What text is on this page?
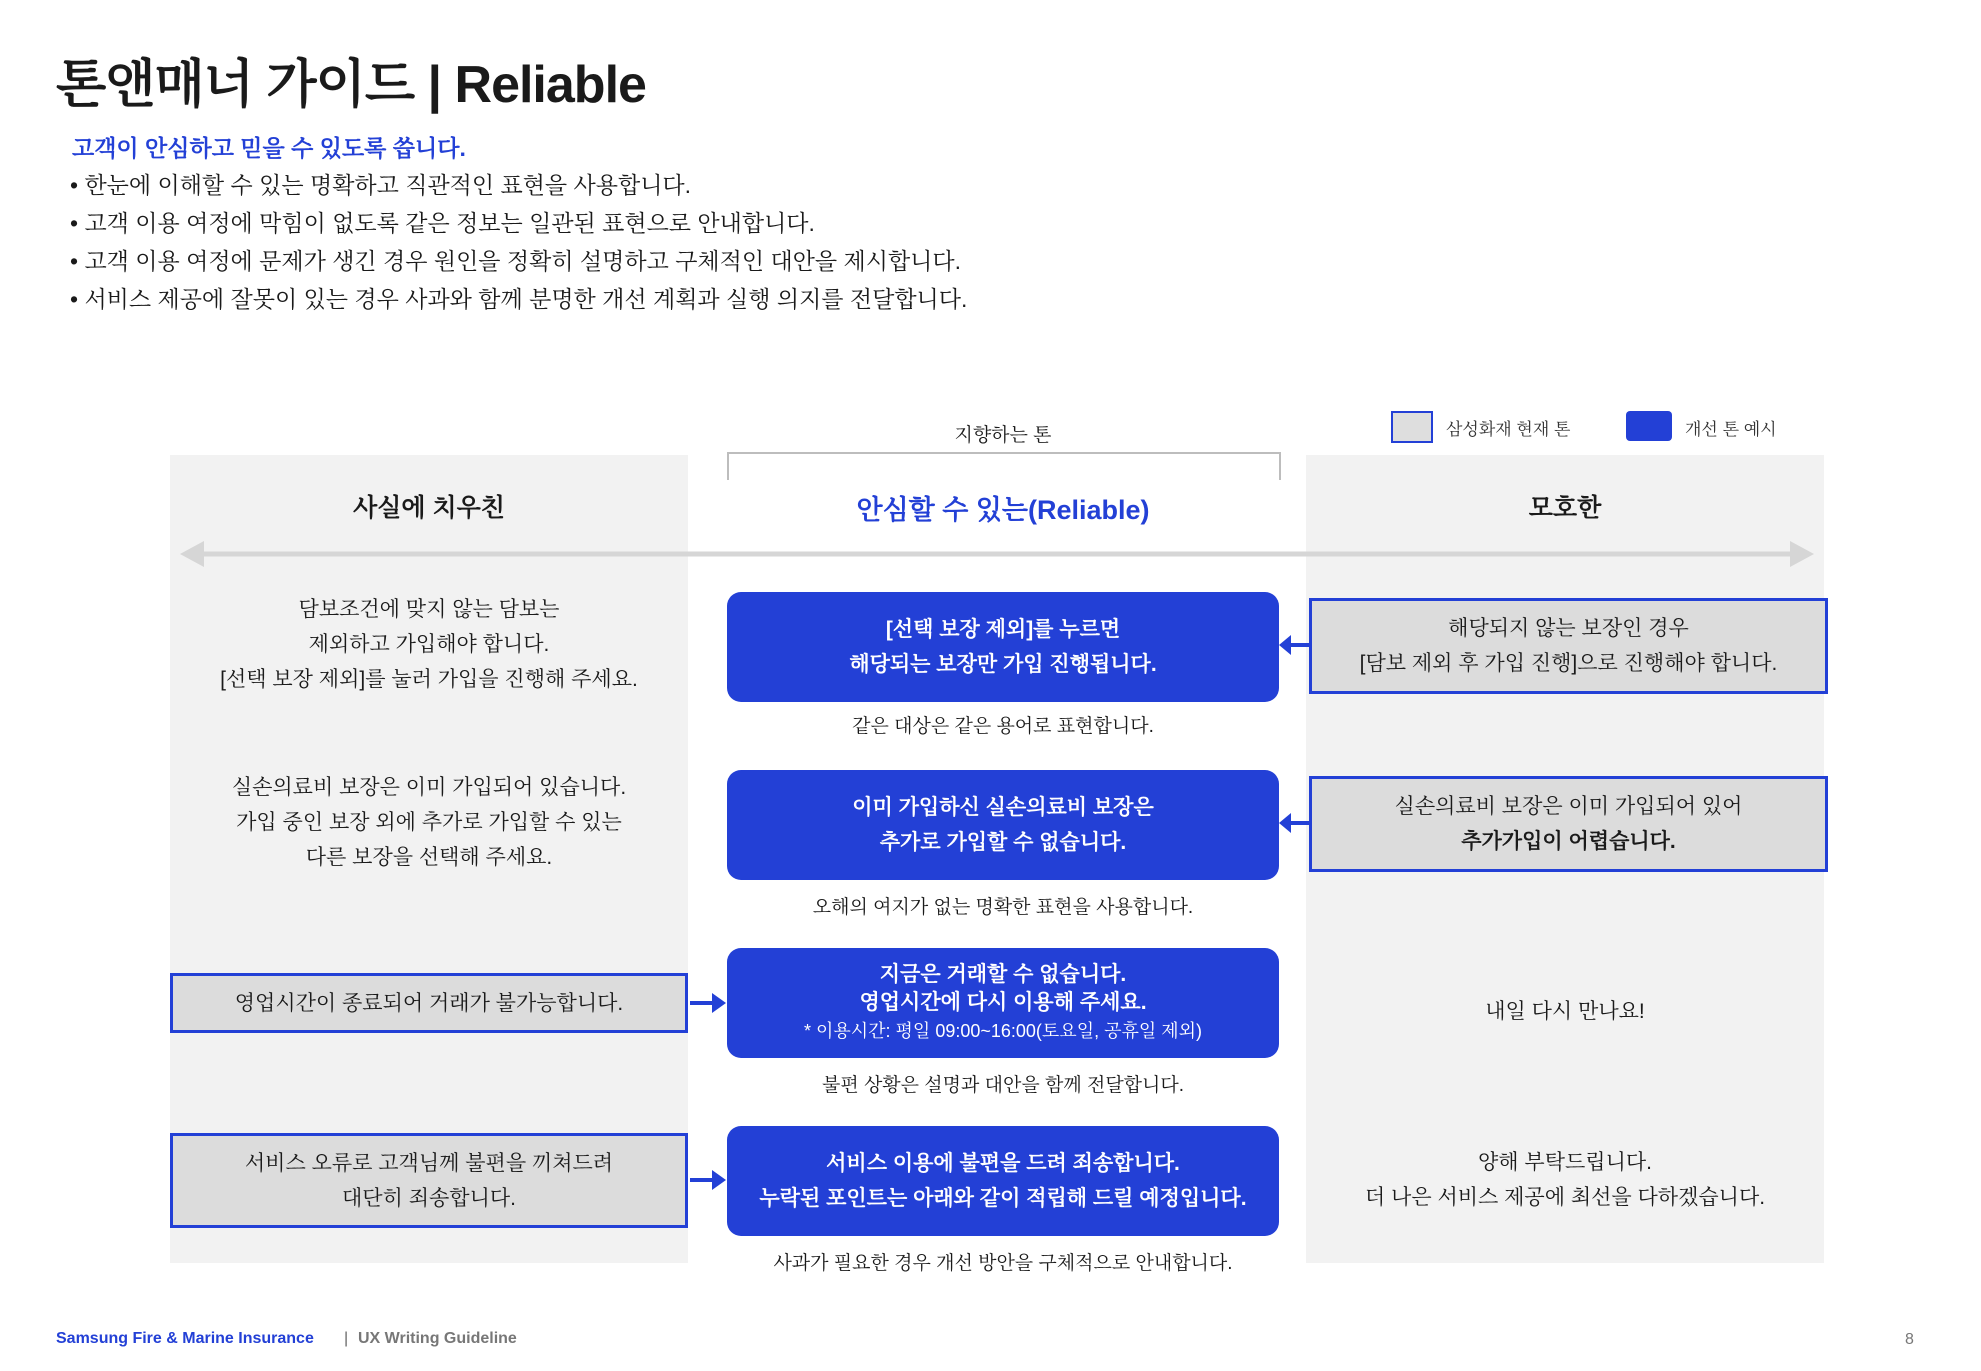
톤앤매너 가이드 | Reliable
고객이 안심하고 믿을 수 있도록 씁니다.
• 한눈에 이해할 수 있는 명확하고 직관적인 표현을 사용합니다.
• 고객 이용 여정에 막힘이 없도록 같은 정보는 일관된 표현으로 안내합니다.
• 고객 이용 여정에 문제가 생긴 경우 원인을 정확히 설명하고 구체적인 대안을 제시합니다.
• 서비스 제공에 잘못이 있는 경우 사과와 함께 분명한 개선 계획과 실행 의지를 전달합니다.
삼성화재 현재 톤	개선 톤 예시
지향하는 톤
사실에 치우친	안심할 수 있는(Reliable)	모호한
담보조건에 맞지 않는 담보는
제외하고 가입해야 합니다.
[선택 보장 제외]를 눌러 가입을 진행해 주세요.
[선택 보장 제외]를 누르면
해당되는 보장만 가입 진행됩니다.
해당되지 않는 보장인 경우
[담보 제외 후 가입 진행]으로 진행해야 합니다.
같은 대상은 같은 용어로 표현합니다.
실손의료비 보장은 이미 가입되어 있습니다.
가입 중인 보장 외에 추가로 가입할 수 있는
다른 보장을 선택해 주세요.
이미 가입하신 실손의료비 보장은
추가로 가입할 수 없습니다.
실손의료비 보장은 이미 가입되어 있어
추가가입이 어렵습니다.
오해의 여지가 없는 명확한 표현을 사용합니다.
영업시간이 종료되어 거래가 불가능합니다.
지금은 거래할 수 없습니다.
영업시간에 다시 이용해 주세요.
* 이용시간: 평일 09:00~16:00(토요일, 공휴일 제외)
내일 다시 만나요!
불편 상황은 설명과 대안을 함께 전달합니다.
서비스 오류로 고객님께 불편을 끼쳐드려
대단히 죄송합니다.
서비스 이용에 불편을 드려 죄송합니다.
누락된 포인트는 아래와 같이 적립해 드릴 예정입니다.
양해 부탁드립니다.
더 나은 서비스 제공에 최선을 다하겠습니다.
사과가 필요한 경우 개선 방안을 구체적으로 안내합니다.
Samsung Fire & Marine Insurance | UX Writing Guideline	8
